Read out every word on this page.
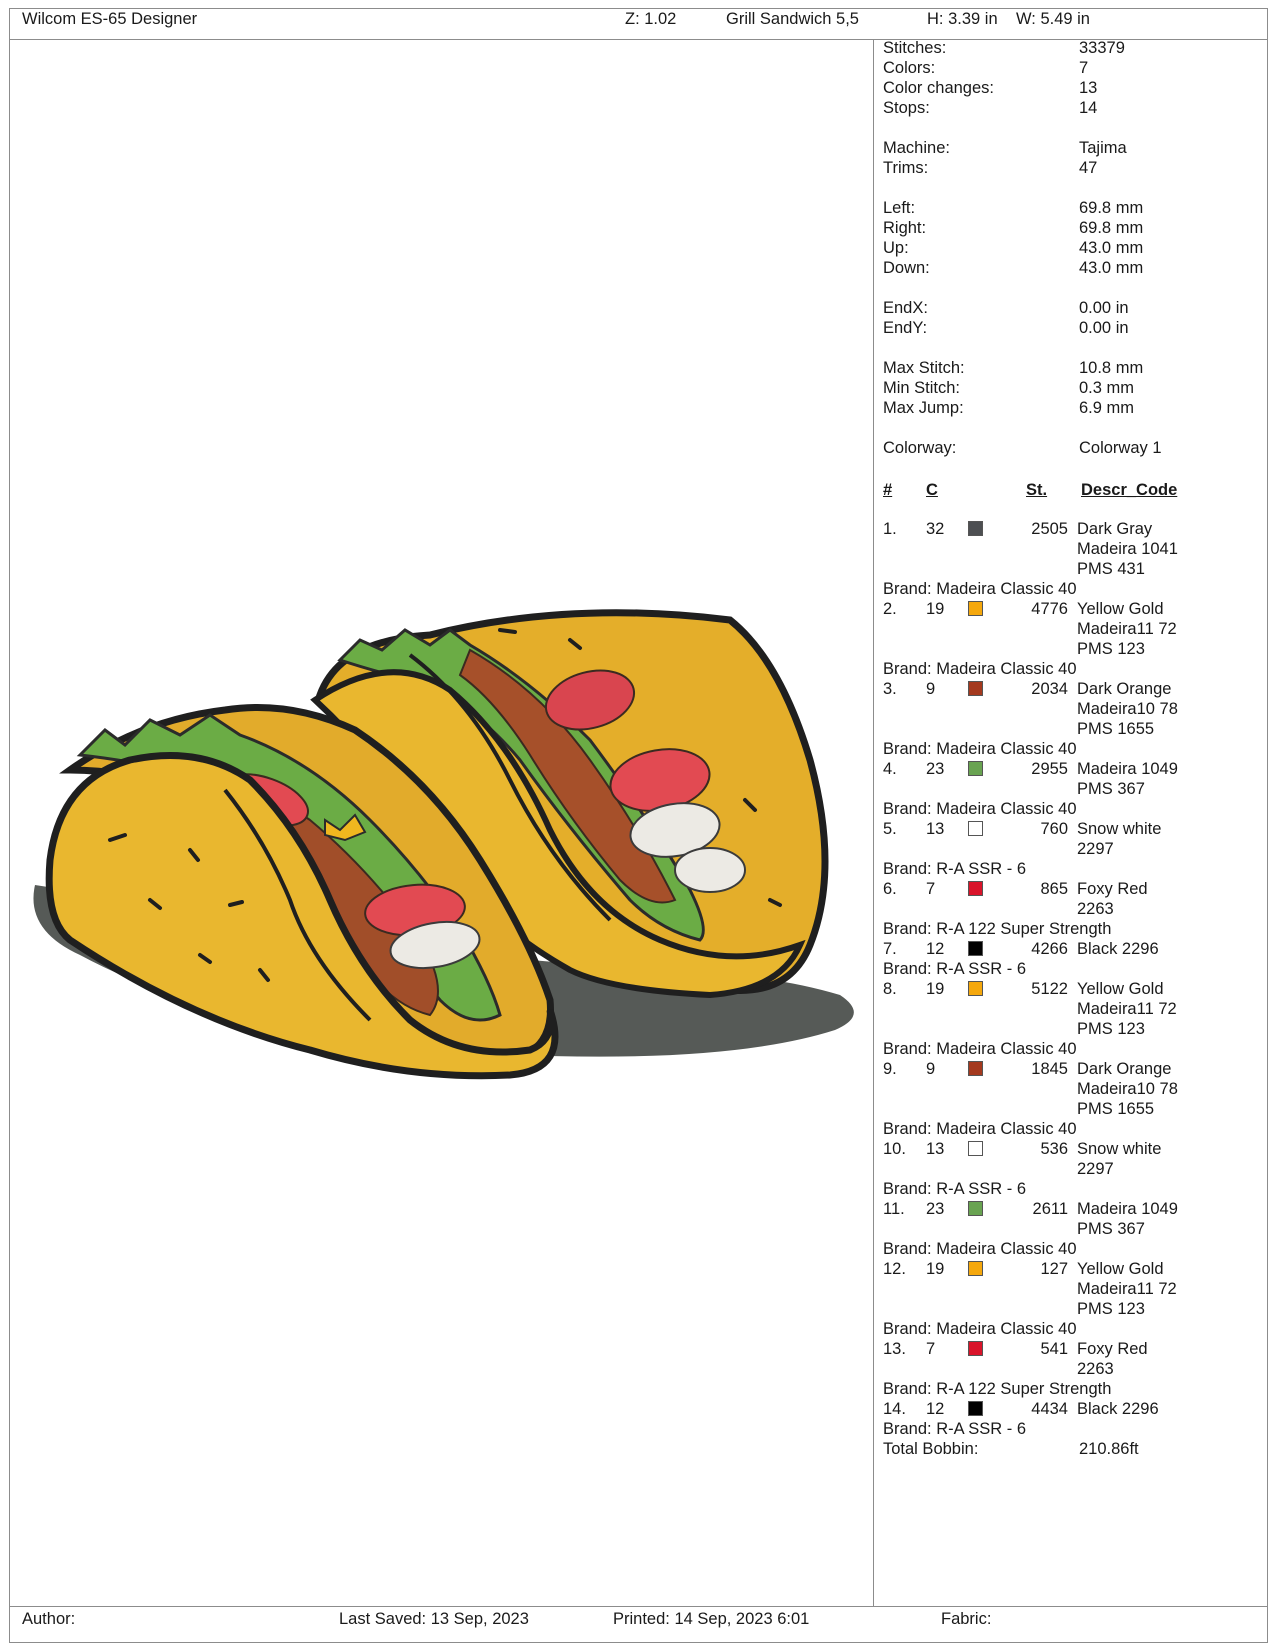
Wilcom ES-65 Designer	Z: 1.02	Grill Sandwich 5,5	H: 3.39 in W: 5.49 in
Stitches:	33379
Colors:	7
Color changes:	13
Stops:	14
Machine:	Tajima
Trims:	47
Left:	69.8 mm
Right:	69.8 mm
Up:	43.0 mm
Down:	43.0 mm
EndX:	0.00 in
EndY:	0.00 in
Max Stitch:	10.8 mm
Min Stitch:	0.3 mm
Max Jump:	6.9 mm
Colorway:	Colorway 1
# C	St. Descr_Code
1. 32	2505 Dark Gray
Madeira 1041
PMS 431
Brand: Madeira Classic 40
2. 19	4776 Yellow Gold
Madeira11 72
PMS 123
Brand: Madeira Classic 40
3. 9	2034 Dark Orange
Madeira10 78
PMS 1655
Brand: Madeira Classic 40
4. 23	2955 Madeira 1049
PMS 367
Brand: Madeira Classic 40
5. 13	760 Snow white
2297
Brand: R-A SSR - 6
6. 7	865 Foxy Red
2263
Brand: R-A 122 Super Strength
7. 12	4266 Black 2296
Brand: R-A SSR - 6
8. 19	5122 Yellow Gold
Madeira11 72
PMS 123
Brand: Madeira Classic 40
9. 9	1845 Dark Orange
Madeira10 78
PMS 1655
Brand: Madeira Classic 40
10. 13	536 Snow white
2297
Brand: R-A SSR - 6
11. 23	2611 Madeira 1049
PMS 367
Brand: Madeira Classic 40
12. 19	127 Yellow Gold
Madeira11 72
PMS 123
Brand: Madeira Classic 40
13. 7	541 Foxy Red
2263
Brand: R-A 122 Super Strength
14. 12	4434 Black 2296
Brand: R-A SSR - 6
Total Bobbin:	210.86ft
Author:	Last Saved: 13 Sep, 2023	Printed: 14 Sep, 2023 6:01	Fabric:
